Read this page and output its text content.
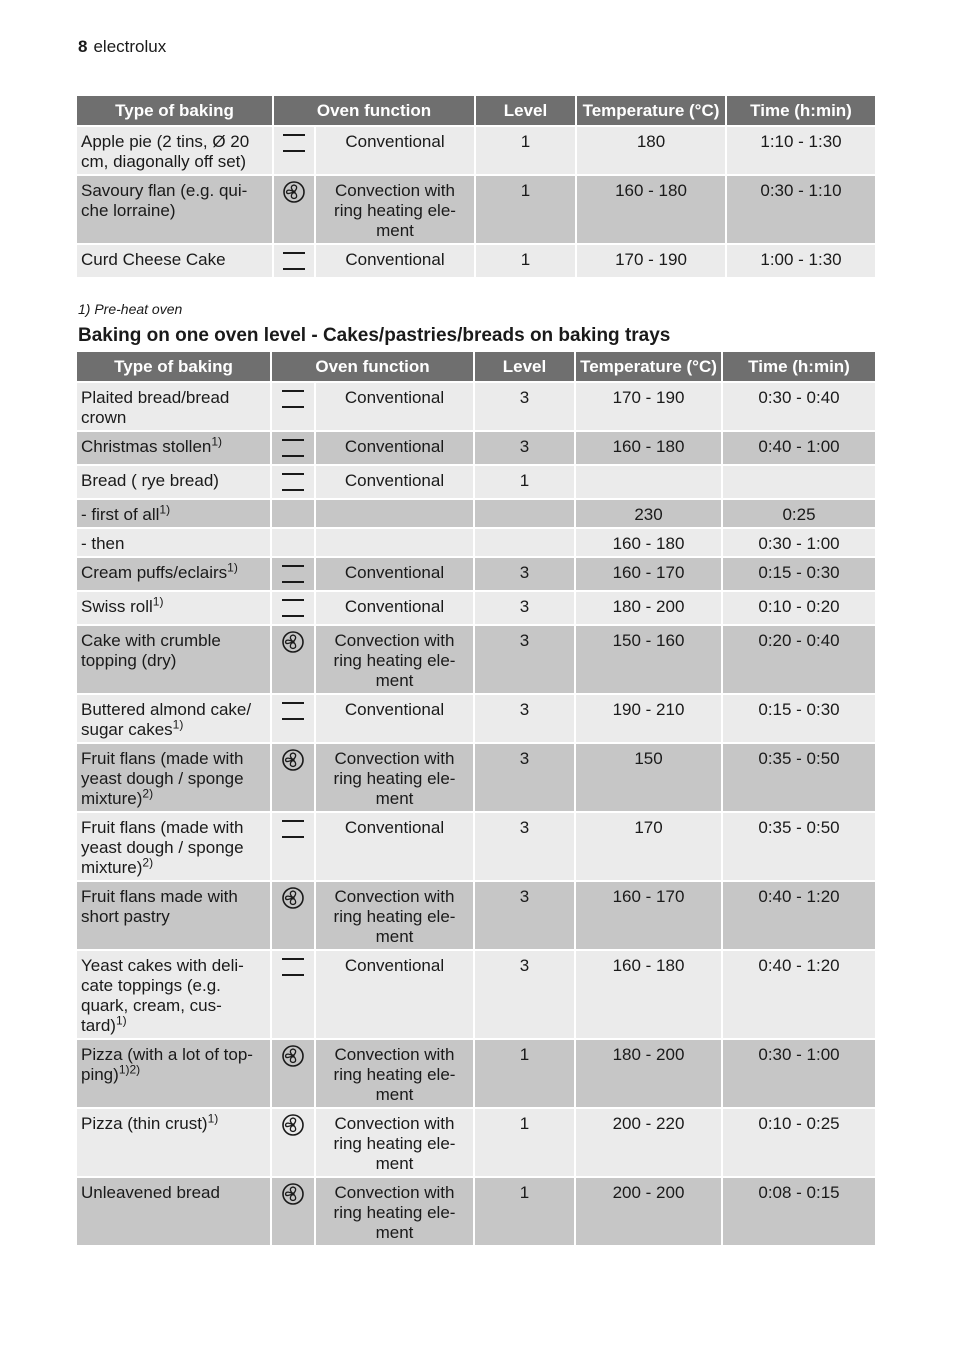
8 electrolux
Type of baking	Oven function		Level	Temperature (°C)	Time (h:min)
Apple pie (2 tins, Ø 20 cm, diagonally off set)		Conventional	1	180	1:10 - 1:30
Savoury flan (e.g. qui-che lorraine)		Convection with ring heating ele-ment	1	160 - 180	0:30 - 1:10
Curd Cheese Cake		Conventional	1	170 - 190	1:00 - 1:30
1) Pre-heat oven
Baking on one oven level - Cakes/pastries/breads on baking trays
Type of baking	Oven function		Level	Temperature (°C)	Time (h:min)
Plaited bread/bread crown		Conventional	3	170 - 190	0:30 - 0:40
Christmas stollen$^{1)}$		Conventional	3	160 - 180	0:40 - 1:00
Bread ( rye bread)		Conventional	1		
- first of all$^{1)}$				230	0:25
- then				160 - 180	0:30 - 1:00
Cream puffs/eclairs$^{1)}$		Conventional	3	160 - 170	0:15 - 0:30
Swiss roll$^{1)}$		Conventional	3	180 - 200	0:10 - 0:20
Cake with crumble topping (dry)		Convection with ring heating ele-ment	3	150 - 160	0:20 - 0:40
Buttered almond cake/ sugar cakes$^{1)}$		Conventional	3	190 - 210	0:15 - 0:30
Fruit flans (made with yeast dough / sponge mixture)$^{2)}$		Convection with ring heating ele-ment	3	150	0:35 - 0:50
Fruit flans (made with yeast dough / sponge mixture)$^{2)}$		Conventional	3	170	0:35 - 0:50
Fruit flans made with short pastry		Convection with ring heating ele-ment	3	160 - 170	0:40 - 1:20
Yeast cakes with deli-cate toppings (e.g. quark, cream, cus-tard)$^{1)}$		Conventional	3	160 - 180	0:40 - 1:20
Pizza (with a lot of top-ping)$^{1)2)}$		Convection with ring heating ele-ment	1	180 - 200	0:30 - 1:00
Pizza (thin crust)$^{1)}$		Convection with ring heating ele-ment	1	200 - 220	0:10 - 0:25
Unleavened bread		Convection with ring heating ele-ment	1	200 - 200	0:08 - 0:15
